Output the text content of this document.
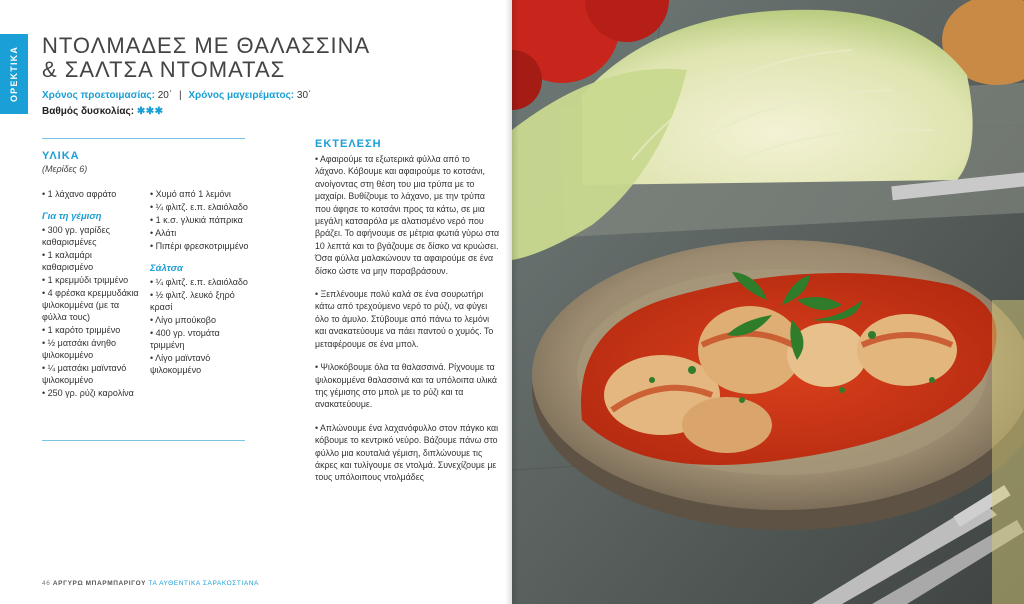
ΟΡΕΚΤΙΚΑ
ΝΤΟΛΜΑΔΕΣ ΜΕ ΘΑΛΑΣΣΙΝΑ
& ΣΑΛΤΣΑ ΝΤΟΜΑΤΑΣ
Χρόνος προετοιμασίας: 20΄ | Χρόνος μαγειρέματος: 30΄
Βαθμός δυσκολίας: ✱✱✱
ΥΛΙΚΑ
(Μερίδες 6)
• 1 λάχανο αφράτο
Για τη γέμιση
• 300 γρ. γαρίδες καθαρισμένες
• 1 καλαμάρι καθαρισμένο
• 1 κρεμμύδι τριμμένο
• 4 φρέσκα κρεμμυδάκια ψιλοκομμένα (με τα φύλλα τους)
• 1 καρότο τριμμένο
• ½ ματσάκι άνηθο ψιλοκομμένο
• ¼ ματσάκι μαϊντανό ψιλοκομμένο
• 250 γρ. ρύζι καρολίνα
• Χυμό από 1 λεμόνι
• ¼ φλιτζ. ε.π. ελαιόλαδο
• 1 κ.σ. γλυκιά πάπρικα
• Αλάτι
• Πιπέρι φρεσκοτριμμένο
Σάλτσα
• ¼ φλιτζ. ε.π. ελαιόλαδο
• ½ φλιτζ. λευκό ξηρό κρασί
• Λίγο μπούκοβο
• 400 γρ. ντομάτα τριμμένη
• Λίγο μαϊντανό ψιλοκομμένο
ΕΚΤΕΛΕΣΗ

• Αφαιρούμε τα εξωτερικά φύλλα από το λάχανο. Κόβουμε και αφαιρούμε το κοτσάνι, ανοίγοντας στη θέση του μια τρύπα με το μαχαίρι. Βυθίζουμε το λάχανο, με την τρύπα που άφησε το κοτσάνι προς τα κάτω, σε μια μεγάλη κατσαρόλα με αλατισμένο νερό που βράζει. Το αφήνουμε σε μέτρια φωτιά γύρω στα 10 λεπτά και το βγάζουμε σε δίσκο να κρυώσει. Όσα φύλλα μαλακώνουν τα αφαιρούμε σε ένα δίσκο ώστε να μην παραβράσουν.

• Ξεπλένουμε πολύ καλά σε ένα σουρωτήρι κάτω από τρεχούμενο νερό το ρύζι, να φύγει όλο το άμυλο. Στύβουμε από πάνω το λεμόνι και ανακατεύουμε να πάει παντού ο χυμός. Το μεταφέρουμε σε ένα μπολ.

• Ψιλοκόβουμε όλα τα θαλασσινά. Ρίχνουμε τα ψιλοκομμένα θαλασσινά και τα υπόλοιπα υλικά της γέμισης στο μπολ με το ρύζι και τα ανακατεύουμε.

• Απλώνουμε ένα λαχανόφυλλο στον πάγκο και κόβουμε το κεντρικό νεύρο. Βάζουμε πάνω στο φύλλο μια κουταλιά γέμιση, διπλώνουμε τις άκρες και τυλίγουμε σε ντολμά. Συνεχίζουμε με τους υπόλοιπους ντολμάδες

46 ΑΡΓΥΡΩ ΜΠΑΡΜΠΑΡΙΓΟΥ ΤΑ ΑΥΘΕΝΤΙΚΑ ΣΑΡΑΚΟΣΤΙΑΝΑ
